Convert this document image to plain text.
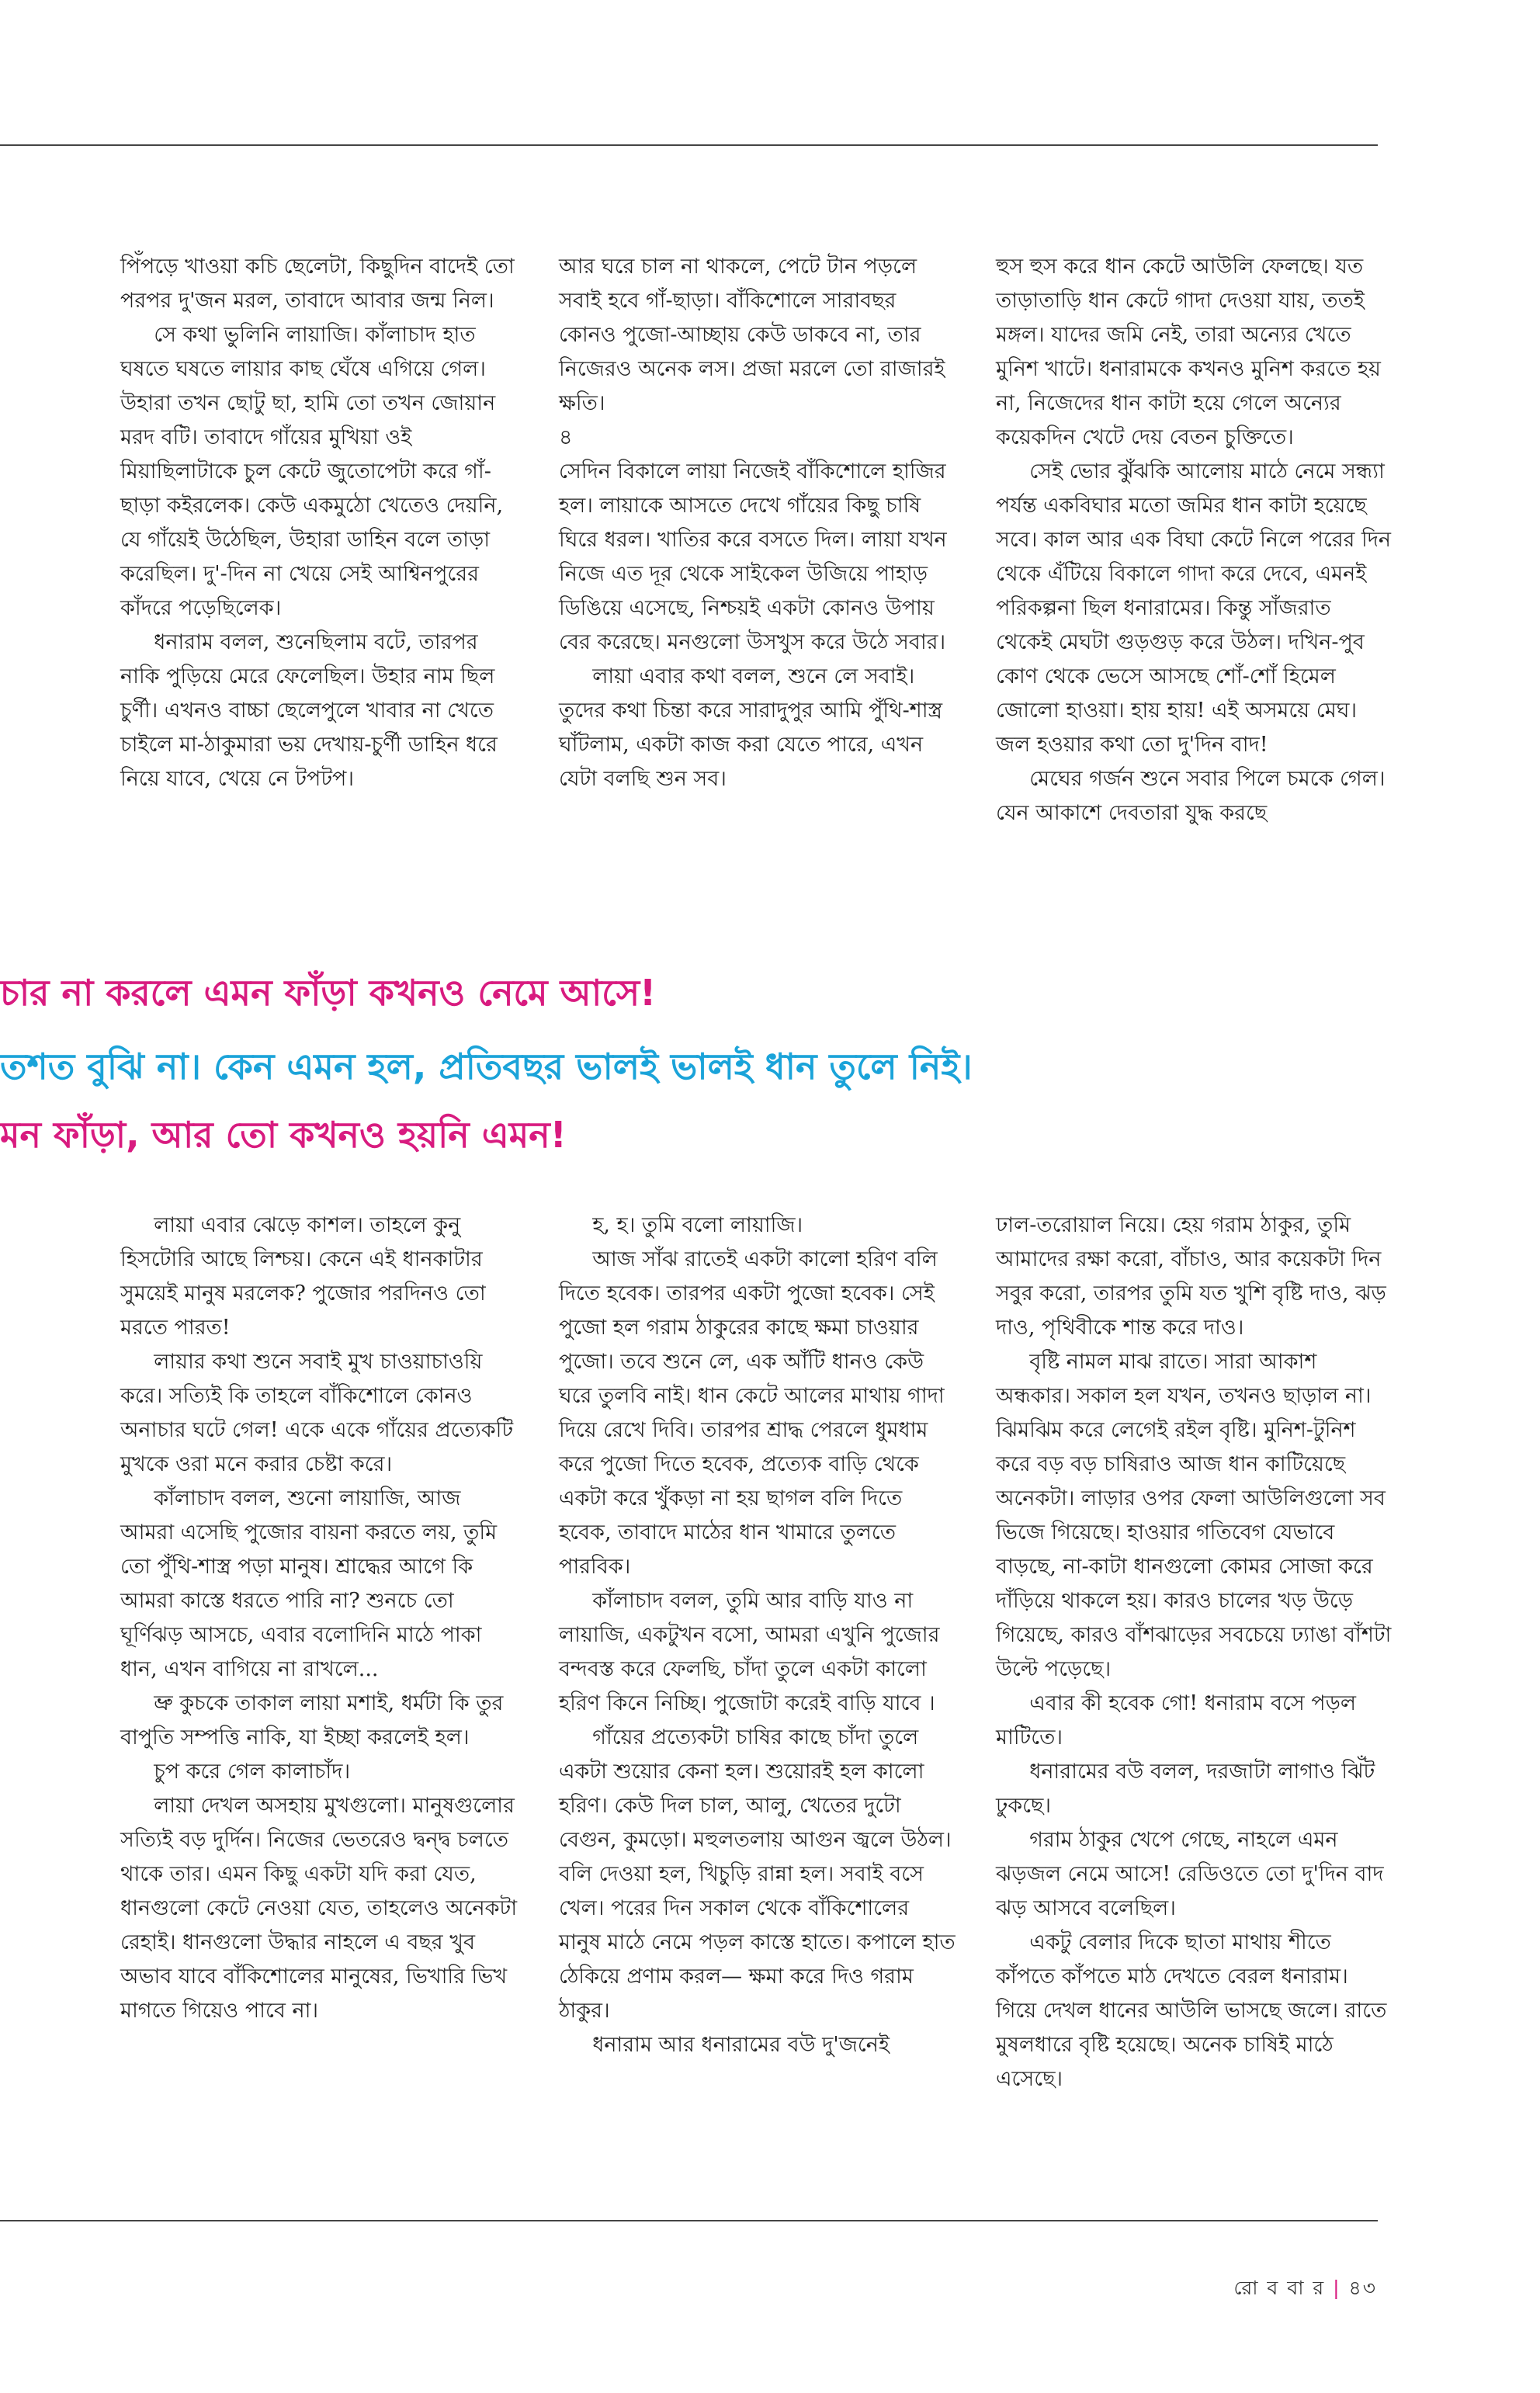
পিঁপড়ে খাওয়া কচি ছেলেটা, কিছুদিন বাদেই তো পরপর দু'জন মরল, তাবাদে আবার জন্ম নিল।

সে কথা ভুলিনি লায়াজি। কাঁলাচাদ হাত ঘষতে ঘষতে লায়ার কাছ ঘেঁষে এগিয়ে গেল। উহারা তখন ছোটু ছা, হামি তো তখন জোয়ান মরদ বটি। তাবাদে গাঁয়ের মুখিয়া ওই মিয়াছিলাটাকে চুল কেটে জুতোপেটা করে গাঁ-ছাড়া কইরলেক। কেউ একমুঠো খেতেও দেয়নি, যে গাঁয়েই উঠেছিল, উহারা ডাহিন বলে তাড়া করেছিল। দু'-দিন না খেয়ে সেই আশ্বিনপুরের কাঁদরে পড়েছিলেক।

ধনারাম বলল, শুনেছিলাম বটে, তারপর নাকি পুড়িয়ে মেরে ফেলেছিল। উহার নাম ছিল চুর্ণী। এখনও বাচ্চা ছেলেপুলে খাবার না খেতে চাইলে মা-ঠাকুমারা ভয় দেখায়-চুর্ণী ডাহিন ধরে নিয়ে যাবে, খেয়ে নে টপটপ।

আর ঘরে চাল না থাকলে, পেটে টান পড়লে সবাই হবে গাঁ-ছাড়া। বাঁকিশোলে সারাবছর কোনও পুজো-আচ্ছায় কেউ ডাকবে না, তার নিজেরও অনেক লস। প্রজা মরলে তো রাজারই ক্ষতি।

৪

সেদিন বিকালে লায়া নিজেই বাঁকিশোলে হাজির হল। লায়াকে আসতে দেখে গাঁয়ের কিছু চাষি ঘিরে ধরল। খাতির করে বসতে দিল। লায়া যখন নিজে এত দূর থেকে সাইকেল উজিয়ে পাহাড় ডিঙিয়ে এসেছে, নিশ্চয়ই একটা কোনও উপায় বের করেছে। মনগুলো উসখুস করে উঠে সবার।

লায়া এবার কথা বলল, শুনে লে সবাই। তুদের কথা চিন্তা করে সারাদুপুর আমি পুঁথি-শাস্ত্র ঘাঁটলাম, একটা কাজ করা যেতে পারে, এখন যেটা বলছি শুন সব।

হুস হুস করে ধান কেটে আউলি ফেলছে। যত তাড়াতাড়ি ধান কেটে গাদা দেওয়া যায়, ততই মঙ্গল। যাদের জমি নেই, তারা অন্যের খেতে মুনিশ খাটে। ধনারামকে কখনও মুনিশ করতে হয় না, নিজেদের ধান কাটা হয়ে গেলে অন্যের কয়েকদিন খেটে দেয় বেতন চুক্তিতে।

সেই ভোর ঝুঁঝকি আলোয় মাঠে নেমে সন্ধ্যা পর্যন্ত একবিঘার মতো জমির ধান কাটা হয়েছে সবে। কাল আর এক বিঘা কেটে নিলে পরের দিন থেকে এঁটিয়ে বিকালে গাদা করে দেবে, এমনই পরিকল্পনা ছিল ধনারামের। কিন্তু সাঁজরাত থেকেই মেঘটা গুড়গুড় করে উঠল। দখিন-পুব কোণ থেকে ভেসে আসছে শোঁ-শোঁ হিমেল জোলো হাওয়া। হায় হায়! এই অসময়ে মেঘ। জল হওয়ার কথা তো দু'দিন বাদ!

মেঘের গর্জন শুনে সবার পিলে চমকে গেল। যেন আকাশে দেবতারা যুদ্ধ করছে

চার না করলে এমন ফাঁড়া কখনও নেমে আসে!
তশত বুঝি না। কেন এমন হল, প্রতিবছর ভালই ভালই ধান তুলে নিই।
মন ফাঁড়া, আর তো কখনও হয়নি এমন!

লায়া এবার ঝেড়ে কাশল। তাহলে কুনু হিসটোরি আছে লিশ্চয়। কেনে এই ধানকাটার সুময়েই মানুষ মরলেক? পুজোর পরদিনও তো মরতে পারত!

লায়ার কথা শুনে সবাই মুখ চাওয়াচাওয়ি করে। সত্যিই কি তাহলে বাঁকিশোলে কোনও অনাচার ঘটে গেল! একে একে গাঁয়ের প্রত্যেকটি মুখকে ওরা মনে করার চেষ্টা করে।

কাঁলাচাদ বলল, শুনো লায়াজি, আজ আমরা এসেছি পুজোর বায়না করতে লয়, তুমি তো পুঁথি-শাস্ত্র পড়া মানুষ। শ্রাদ্ধের আগে কি আমরা কাস্তে ধরতে পারি না? শুনচে তো ঘূর্ণিঝড় আসচে, এবার বলোদিনি মাঠে পাকা ধান, এখন বাগিয়ে না রাখলে...

ভ্রু কুচকে তাকাল লায়া মশাই, ধর্মটা কি তুর বাপুতি সম্পত্তি নাকি, যা ইচ্ছা করলেই হল।

চুপ করে গেল কালাচাঁদ।

লায়া দেখল অসহায় মুখগুলো। মানুষগুলোর সত্যিই বড় দুর্দিন। নিজের ভেতরেও দ্বন্দ্ব চলতে থাকে তার। এমন কিছু একটা যদি করা যেত, ধানগুলো কেটে নেওয়া যেত, তাহলেও অনেকটা রেহাই। ধানগুলো উদ্ধার নাহলে এ বছর খুব অভাব যাবে বাঁকিশোলের মানুষের, ভিখারি ভিখ মাগতে গিয়েও পাবে না।

হ, হ। তুমি বলো লায়াজি।

আজ সাঁঝ রাতেই একটা কালো হরিণ বলি দিতে হবেক। তারপর একটা পুজো হবেক। সেই পুজো হল গরাম ঠাকুরের কাছে ক্ষমা চাওয়ার পুজো। তবে শুনে লে, এক আঁটি ধানও কেউ ঘরে তুলবি নাই। ধান কেটে আলের মাথায় গাদা দিয়ে রেখে দিবি। তারপর শ্রাদ্ধ পেরলে ধুমধাম করে পুজো দিতে হবেক, প্রত্যেক বাড়ি থেকে একটা করে খুঁকড়া না হয় ছাগল বলি দিতে হবেক, তাবাদে মাঠের ধান খামারে তুলতে পারবিক।

কাঁলাচাদ বলল, তুমি আর বাড়ি যাও না লায়াজি, একটুখন বসো, আমরা এখুনি পুজোর বন্দবস্ত করে ফেলছি, চাঁদা তুলে একটা কালো হরিণ কিনে নিচ্ছি। পুজোটা করেই বাড়ি যাবে ।

গাঁয়ের প্রত্যেকটা চাষির কাছে চাঁদা তুলে একটা শুয়োর কেনা হল। শুয়োরই হল কালো হরিণ। কেউ দিল চাল, আলু, খেতের দুটো বেগুন, কুমড়ো। মহুলতলায় আগুন জ্বলে উঠল। বলি দেওয়া হল, খিচুড়ি রান্না হল। সবাই বসে খেল। পরের দিন সকাল থেকে বাঁকিশোলের মানুষ মাঠে নেমে পড়ল কাস্তে হাতে। কপালে হাত ঠেকিয়ে প্রণাম করল— ক্ষমা করে দিও গরাম ঠাকুর।

ধনারাম আর ধনারামের বউ দু'জনেই

ঢাল-তরোয়াল নিয়ে। হেয় গরাম ঠাকুর, তুমি আমাদের রক্ষা করো, বাঁচাও, আর কয়েকটা দিন সবুর করো, তারপর তুমি যত খুশি বৃষ্টি দাও, ঝড় দাও, পৃথিবীকে শান্ত করে দাও।

বৃষ্টি নামল মাঝ রাতে। সারা আকাশ অন্ধকার। সকাল হল যখন, তখনও ছাড়াল না। ঝিমঝিম করে লেগেই রইল বৃষ্টি। মুনিশ-টুনিশ করে বড় বড় চাষিরাও আজ ধান কাটিয়েছে অনেকটা। লাড়ার ওপর ফেলা আউলিগুলো সব ভিজে গিয়েছে। হাওয়ার গতিবেগ যেভাবে বাড়ছে, না-কাটা ধানগুলো কোমর সোজা করে দাঁড়িয়ে থাকলে হয়। কারও চালের খড় উড়ে গিয়েছে, কারও বাঁশঝাড়ের সবচেয়ে ঢ্যাঙা বাঁশটা উল্টে পড়েছে।

এবার কী হবেক গো! ধনারাম বসে পড়ল মাটিতে।

ধনারামের বউ বলল, দরজাটা লাগাও ঝিঁট ঢুকছে।

গরাম ঠাকুর খেপে গেছে, নাহলে এমন ঝড়জল নেমে আসে! রেডিওতে তো দু'দিন বাদ ঝড় আসবে বলেছিল।

একটু বেলার দিকে ছাতা মাথায় শীতে কাঁপতে কাঁপতে মাঠ দেখতে বেরল ধনারাম। গিয়ে দেখল ধানের আউলি ভাসছে জলে। রাতে মুষলধারে বৃষ্টি হয়েছে। অনেক চাষিই মাঠে এসেছে।

রো ব বা র | ৪৩
